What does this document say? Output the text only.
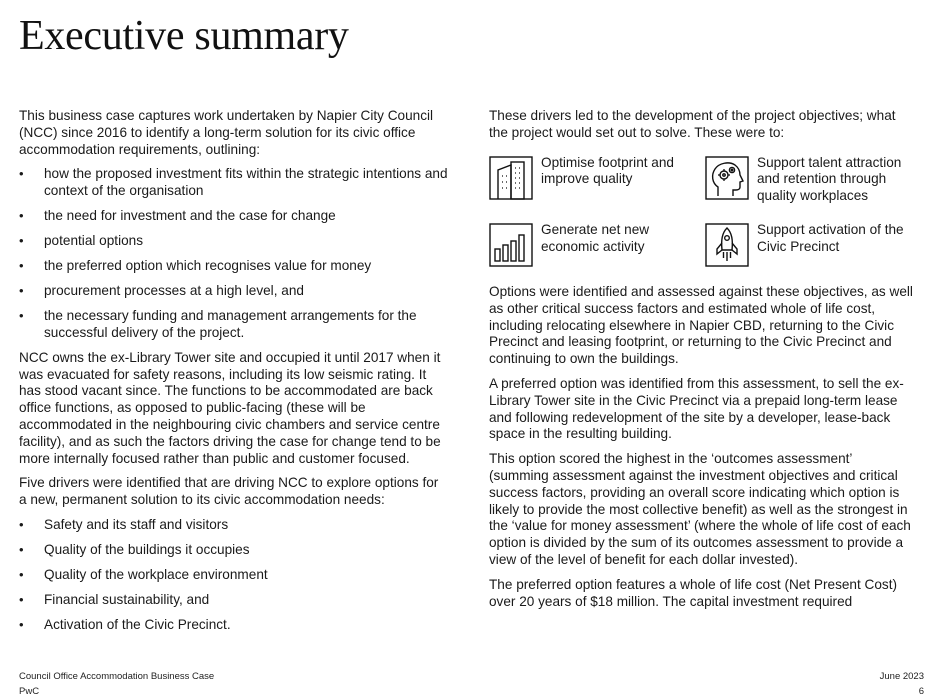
Executive summary

This business case captures work undertaken by Napier City Council (NCC) since 2016 to identify a long-term solution for its civic office accommodation requirements, outlining:

• how the proposed investment fits within the strategic intentions and context of the organisation
• the need for investment and the case for change
• potential options
• the preferred option which recognises value for money
• procurement processes at a high level, and
• the necessary funding and management arrangements for the successful delivery of the project.

NCC owns the ex-Library Tower site and occupied it until 2017 when it was evacuated for safety reasons, including its low seismic rating. It has stood vacant since. The functions to be accommodated are back office functions, as opposed to public-facing (these will be accommodated in the neighbouring civic chambers and service centre facility), and as such the factors driving the case for change tend to be more internally focused rather than public and customer focused.

Five drivers were identified that are driving NCC to explore options for a new, permanent solution to its civic accommodation needs:

• Safety and its staff and visitors
• Quality of the buildings it occupies
• Quality of the workplace environment
• Financial sustainability, and
• Activation of the Civic Precinct.

These drivers led to the development of the project objectives; what the project would set out to solve. These were to:

Optimise footprint and improve quality
Support talent attraction and retention through quality workplaces
Generate net new economic activity
Support activation of the Civic Precinct

Options were identified and assessed against these objectives, as well as other critical success factors and estimated whole of life cost, including relocating elsewhere in Napier CBD, returning to the Civic Precinct and leasing footprint, or returning to the Civic Precinct and continuing to own the buildings.

A preferred option was identified from this assessment, to sell the ex-Library Tower site in the Civic Precinct via a prepaid long-term lease and following redevelopment of the site by a developer, lease-back space in the resulting building.

This option scored the highest in the ‘outcomes assessment’ (summing assessment against the investment objectives and critical success factors, providing an overall score indicating which option is likely to provide the most collective benefit) as well as the strongest in the ‘value for money assessment’ (where the whole of life cost of each option is divided by the sum of its outcomes assessment to provide a view of the level of benefit for each dollar invested).

The preferred option features a whole of life cost (Net Present Cost) over 20 years of $18 million. The capital investment required

Council Office Accommodation Business Case	June 2023
PwC	6
